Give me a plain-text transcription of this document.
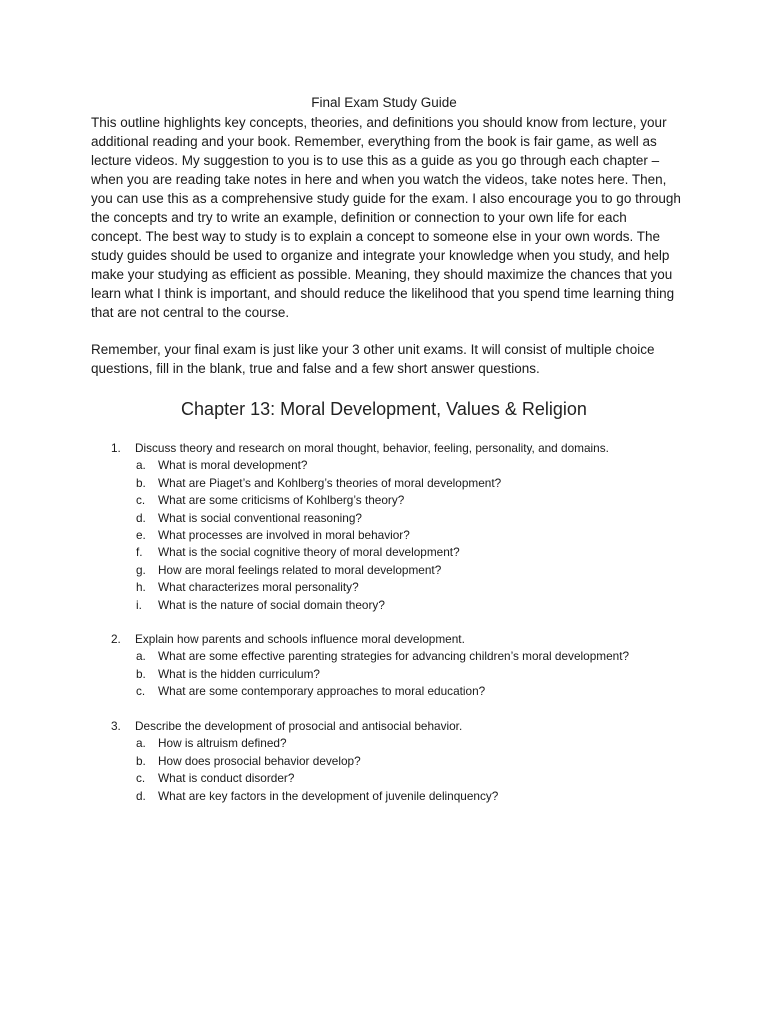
Final Exam Study Guide

This outline highlights key concepts, theories, and definitions you should know from lecture, your additional reading and your book. Remember, everything from the book is fair game, as well as lecture videos. My suggestion to you is to use this as a guide as you go through each chapter – when you are reading take notes in here and when you watch the videos, take notes here. Then, you can use this as a comprehensive study guide for the exam. I also encourage you to go through the concepts and try to write an example, definition or connection to your own life for each concept. The best way to study is to explain a concept to someone else in your own words. The study guides should be used to organize and integrate your knowledge when you study, and help make your studying as efficient as possible. Meaning, they should maximize the chances that you learn what I think is important, and should reduce the likelihood that you spend time learning thing that are not central to the course.

Remember, your final exam is just like your 3 other unit exams. It will consist of multiple choice questions, fill in the blank, true and false and a few short answer questions.

Chapter 13: Moral Development, Values & Religion
1.	Discuss theory and research on moral thought, behavior, feeling, personality, and domains.
a.	What is moral development?
b.	What are Piaget’s and Kohlberg’s theories of moral development?
c.	What are some criticisms of Kohlberg’s theory?
d.	What is social conventional reasoning?
e.	What processes are involved in moral behavior?
f.	What is the social cognitive theory of moral development?
g.	How are moral feelings related to moral development?
h.	What characterizes moral personality?
i.	What is the nature of social domain theory?
2.	Explain how parents and schools influence moral development.
a.	What are some effective parenting strategies for advancing children’s moral development?
b.	What is the hidden curriculum?
c.	What are some contemporary approaches to moral education?
3.	Describe the development of prosocial and antisocial behavior.
a.	How is altruism defined?
b.	How does prosocial behavior develop?
c.	What is conduct disorder?
d.	What are key factors in the development of juvenile delinquency?
